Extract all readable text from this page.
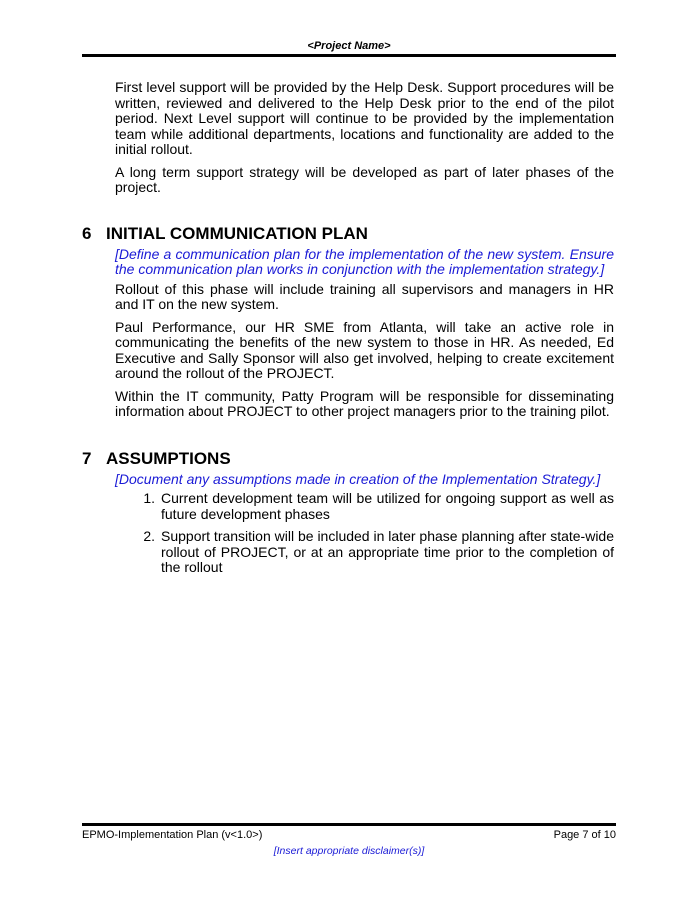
<Project Name>

First level support will be provided by the Help Desk. Support procedures will be written, reviewed and delivered to the Help Desk prior to the end of the pilot period. Next Level support will continue to be provided by the implementation team while additional departments, locations and functionality are added to the initial rollout.

A long term support strategy will be developed as part of later phases of the project.

6 INITIAL COMMUNICATION PLAN

[Define a communication plan for the implementation of the new system. Ensure the communication plan works in conjunction with the implementation strategy.]

Rollout of this phase will include training all supervisors and managers in HR and IT on the new system.

Paul Performance, our HR SME from Atlanta, will take an active role in communicating the benefits of the new system to those in HR. As needed, Ed Executive and Sally Sponsor will also get involved, helping to create excitement around the rollout of the PROJECT.

Within the IT community, Patty Program will be responsible for disseminating information about PROJECT to other project managers prior to the training pilot.

7 ASSUMPTIONS

[Document any assumptions made in creation of the Implementation Strategy.]

1. Current development team will be utilized for ongoing support as well as future development phases
2. Support transition will be included in later phase planning after state-wide rollout of PROJECT, or at an appropriate time prior to the completion of the rollout
EPMO-Implementation Plan (v<1.0>)	Page 7 of 10
[Insert appropriate disclaimer(s)]
